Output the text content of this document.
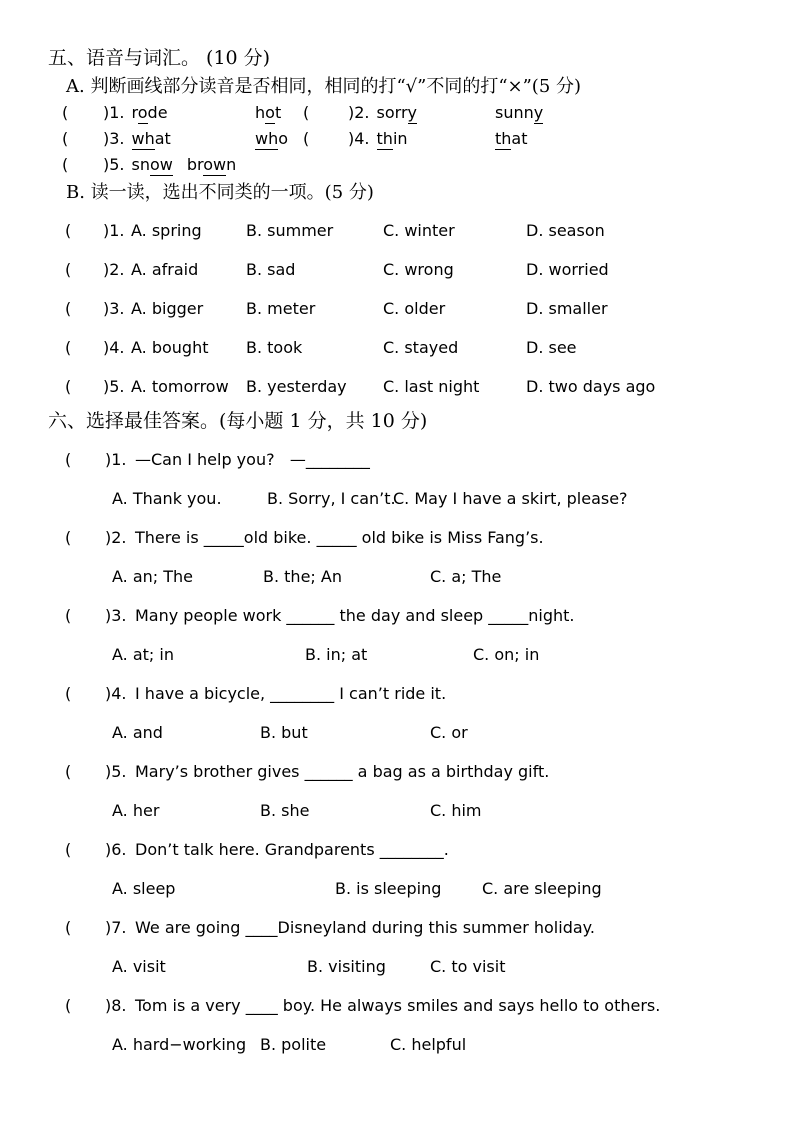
五、语音与词汇。 (10 分)
A. 判断画线部分读音是否相同，相同的打“√”不同的打“×”(5 分)
(	)1. rode	hot	(	)2. sorry	sunny
(	)3. what	who (	)4. thin	that
(	)5. snow brown
B. 读一读，选出不同类的一项。(5 分)
(	)1. A. spring	B. summer	C. winter	D. season
(	)2. A. afraid	B. sad	C. wrong	D. worried
(	)3. A. bigger	B. meter	C. older	D. smaller
(	)4. A. bought	B. took	C. stayed	D. see
(	)5. A. tomorrow	B. yesterday	C. last night	D. two days ago
六、选择最佳答案。(每小题 1 分，共 10 分)
(	)1. —Can I help you?   —________
A. Thank you.	B. Sorry, I can’t.
C. May I have a skirt, please?
(	)2. There is _____old bike. _____ old bike is Miss Fang’s.
A. an; The	B. the; An	C. a; The
(	)3. Many people work ______ the day and sleep _____night.
A. at; in	B. in; at	C. on; in
(	)4. I have a bicycle, ________ I can’t ride it.
A. and	B. but	C. or
(	)5. Mary’s brother gives ______ a bag as a birthday gift.
A. her	B. she	C. him
(	)6. Don’t talk here. Grandparents ________.
A. sleep	B. is sleeping	C. are sleeping
(	)7. We are going ____Disneyland during this summer holiday.
A. visit	B. visiting	C. to visit
(	)8. Tom is a very ____ boy. He always smiles and says hello to others.
A. hard−working B. polite	C. helpful
